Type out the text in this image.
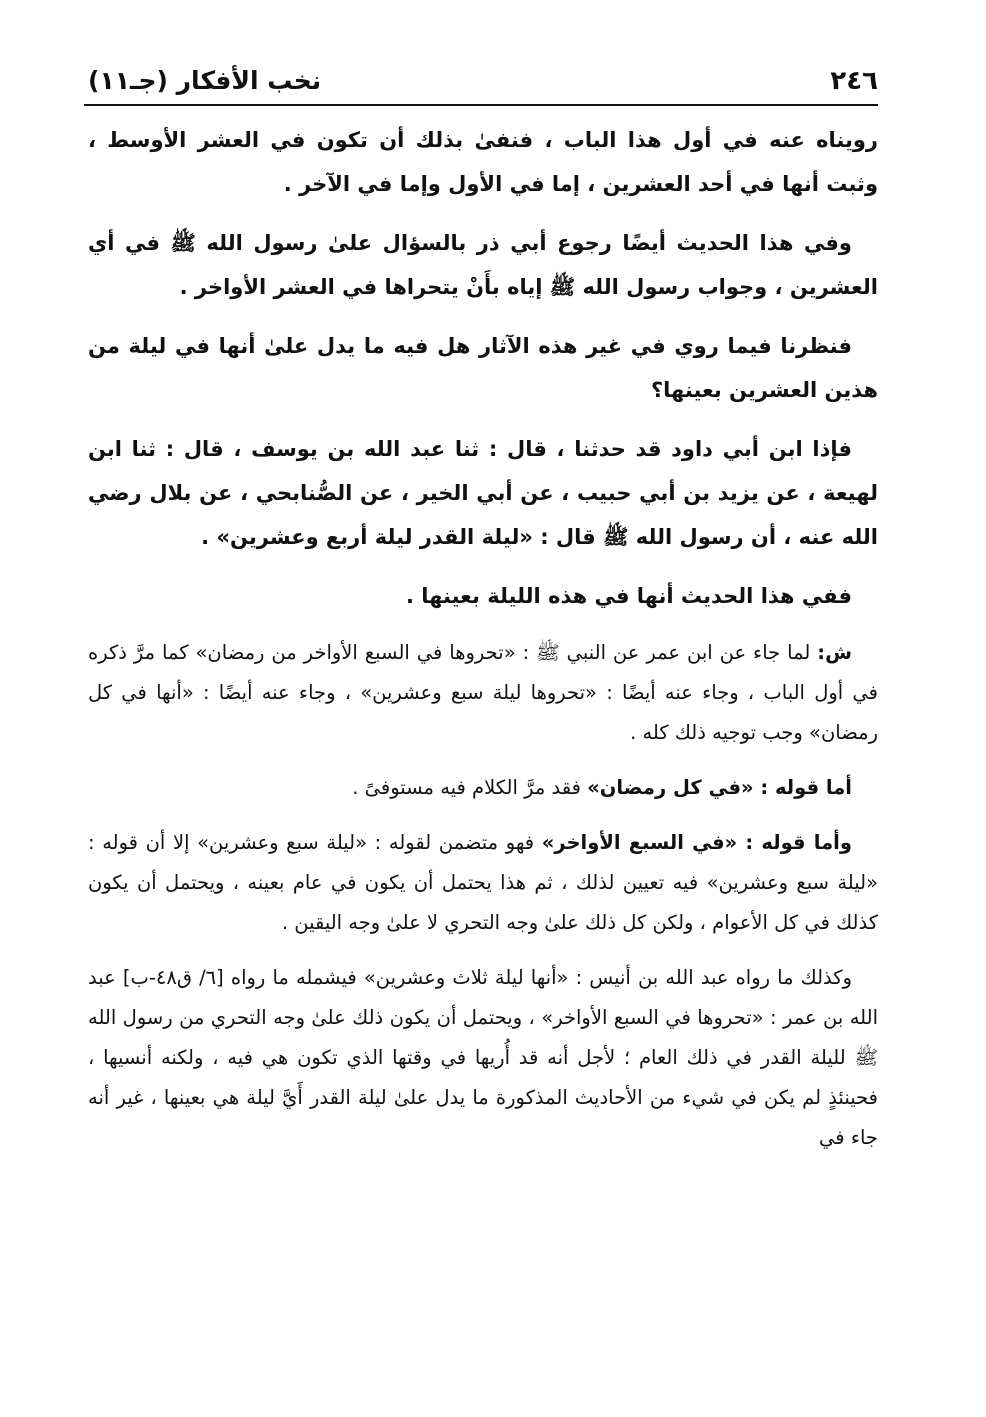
٢٤٦
نخب الأفكار (جـ١١)

رويناه عنه في أول هذا الباب ، فنفىٰ بذلك أن تكون في العشر الأوسط ، وثبت أنها في أحد العشرين ، إما في الأول وإما في الآخر .

وفي هذا الحديث أيضًا رجوع أبي ذر بالسؤال علىٰ رسول الله ﷺ في أي العشرين ، وجواب رسول الله ﷺ إياه بأَنْ يتحراها في العشر الأواخر .

فنظرنا فيما روي في غير هذه الآثار هل فيه ما يدل علىٰ أنها في ليلة من هذين العشرين بعينها؟

فإذا ابن أبي داود قد حدثنا ، قال : ثنا عبد الله بن يوسف ، قال : ثنا ابن لهيعة ، عن يزيد بن أبي حبيب ، عن أبي الخير ، عن الصُّنابحي ، عن بلال رضي الله عنه ، أن رسول الله ﷺ قال : «ليلة القدر ليلة أربع وعشرين» .

ففي هذا الحديث أنها في هذه الليلة بعينها .

ش: لما جاء عن ابن عمر عن النبي ﷺ : «تحروها في السبع الأواخر من رمضان» كما مرَّ ذكره في أول الباب ، وجاء عنه أيضًا : «تحروها ليلة سبع وعشرين» ، وجاء عنه أيضًا : «أنها في كل رمضان» وجب توجيه ذلك كله .

أما قوله : «في كل رمضان» فقد مرَّ الكلام فيه مستوفىً .

وأما قوله : «في السبع الأواخر» فهو متضمن لقوله : «ليلة سبع وعشرين» إلا أن قوله : «ليلة سبع وعشرين» فيه تعيين لذلك ، ثم هذا يحتمل أن يكون في عام بعينه ، ويحتمل أن يكون كذلك في كل الأعوام ، ولكن كل ذلك علىٰ وجه التحري لا علىٰ وجه اليقين .

وكذلك ما رواه عبد الله بن أنيس : «أنها ليلة ثلاث وعشرين» فيشمله ما رواه [٦/ ق٤٨-ب] عبد الله بن عمر : «تحروها في السبع الأواخر» ، ويحتمل أن يكون ذلك علىٰ وجه التحري من رسول الله ﷺ لليلة القدر في ذلك العام ؛ لأجل أنه قد أُريها في وقتها الذي تكون هي فيه ، ولكنه أنسيها ، فحينئذٍ لم يكن في شيء من الأحاديث المذكورة ما يدل علىٰ ليلة القدر أَيَّ ليلة هي بعينها ، غير أنه جاء في
